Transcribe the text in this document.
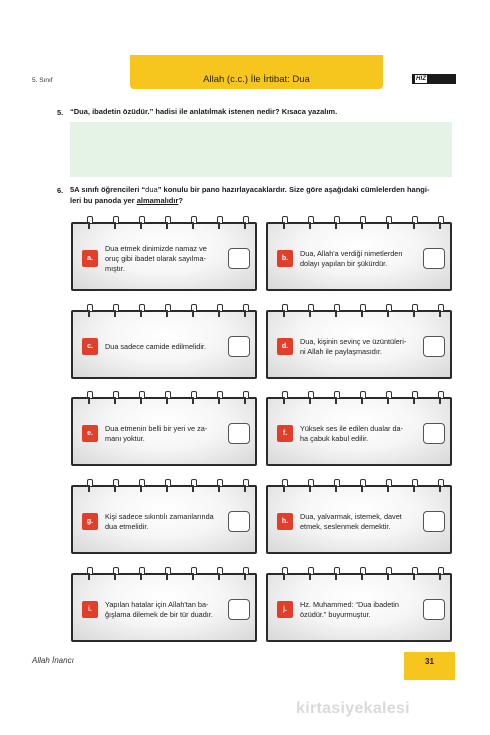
5. Sınıf	Allah (c.c.) İle İrtibat: Dua	HIZYAYINLARI
5. “Dua, ibadetin özüdür.” hadisi ile anlatılmak istenen nedir? Kısaca yazalım.
6. 5A sınıfı öğrencileri “dua” konulu bir pano hazırlayacaklardır. Size göre aşağıdaki cümlelerden hangi-
leri bu panoda yer almamalıdır?
a.
Dua etmek dinimizde namaz ve
oruç gibi ibadet olarak sayılma-
mıştır.
b.
Dua, Allah'a verdiği nimetlerden
dolayı yapılan bir şükürdür.
c.	Dua sadece camide edilmelidir.	d.
Dua, kişinin sevinç ve üzüntüleri-
ni Allah ile paylaşmasıdır.
e.
Dua etmenin belli bir yeri ve za-
manı yoktur.
f.
Yüksek ses ile edilen dualar da-
ha çabuk kabul edilir.
g.
Kişi sadece sıkıntılı zamanlarında
dua etmelidir.
h.
Dua, yalvarmak, istemek, davet
etmek, seslenmek demektir.
i.
Yapılan hatalar için Allah'tan ba-
ğışlama dilemek de bir tür duadır.
j.
Hz. Muhammed: “Dua ibadetin
özüdür.” buyurmuştur.
Allah İnancı	31
kirtasiyekalesi
